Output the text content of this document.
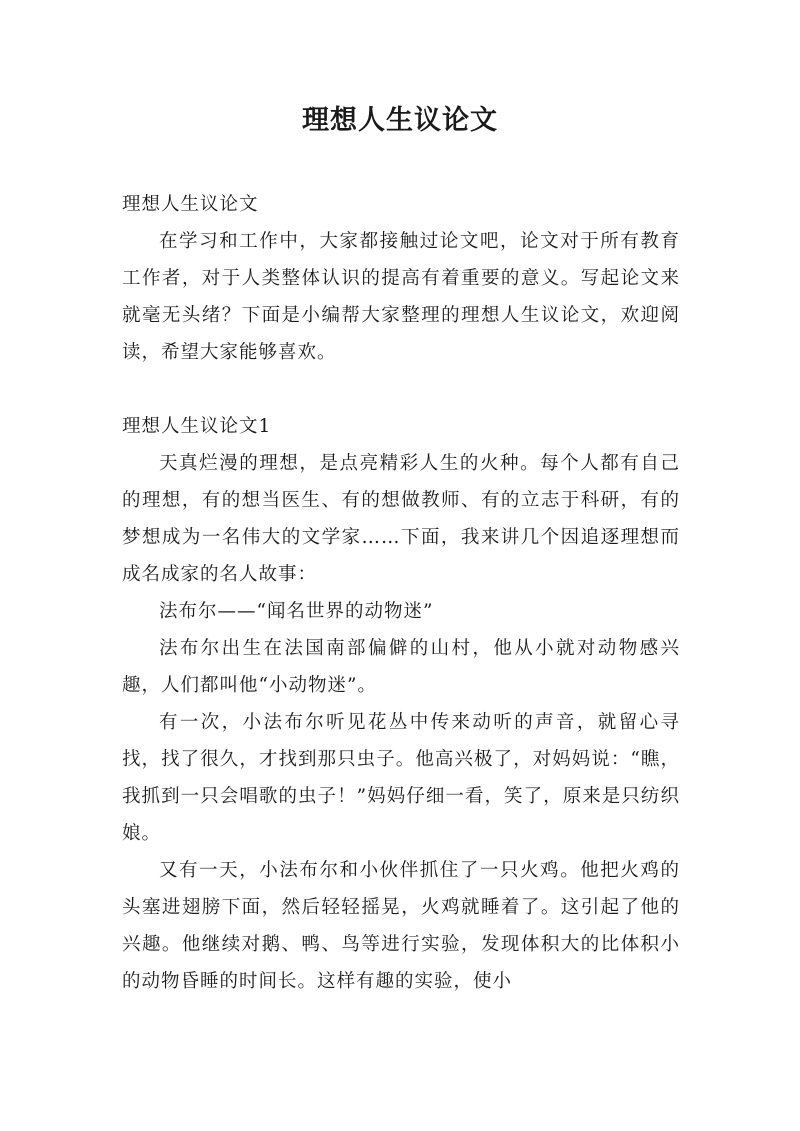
理想人生议论文

理想人生议论文

在学习和工作中，大家都接触过论文吧，论文对于所有教育工作者，对于人类整体认识的提高有着重要的意义。写起论文来就毫无头绪？下面是小编帮大家整理的理想人生议论文，欢迎阅读，希望大家能够喜欢。

理想人生议论文1

天真烂漫的理想，是点亮精彩人生的火种。每个人都有自己的理想，有的想当医生、有的想做教师、有的立志于科研，有的梦想成为一名伟大的文学家……下面，我来讲几个因追逐理想而成名成家的名人故事：

法布尔——“闻名世界的动物迷”

法布尔出生在法国南部偏僻的山村，他从小就对动物感兴趣，人们都叫他“小动物迷”。

有一次，小法布尔听见花丛中传来动听的声音，就留心寻找，找了很久，才找到那只虫子。他高兴极了，对妈妈说：“瞧，我抓到一只会唱歌的虫子！”妈妈仔细一看，笑了，原来是只纺织娘。

又有一天，小法布尔和小伙伴抓住了一只火鸡。他把火鸡的头塞进翅膀下面，然后轻轻摇晃，火鸡就睡着了。这引起了他的兴趣。他继续对鹅、鸭、鸟等进行实验，发现体积大的比体积小的动物昏睡的时间长。这样有趣的实验，使小
